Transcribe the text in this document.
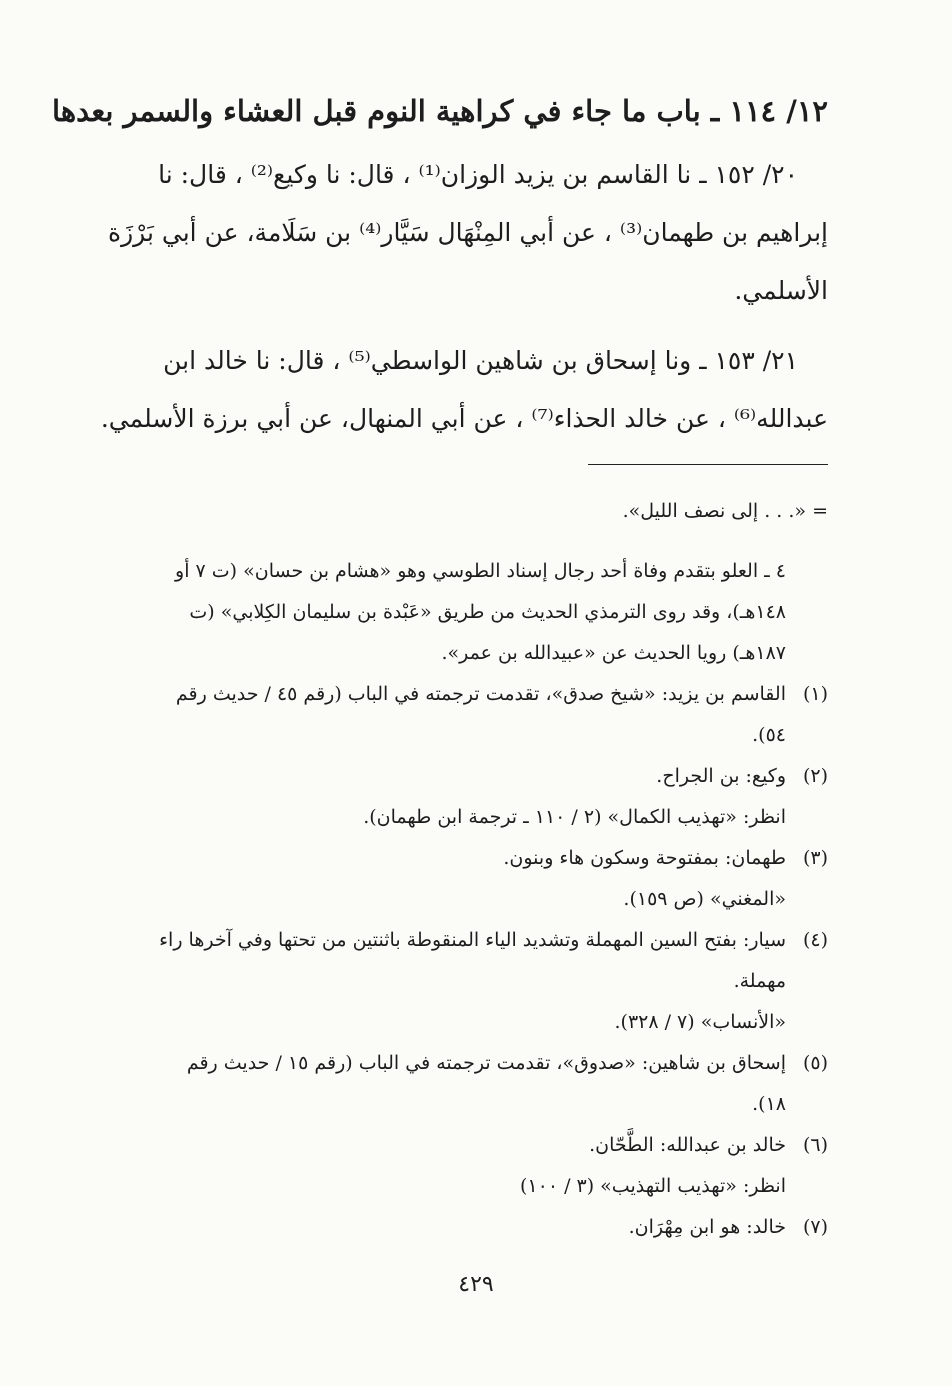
١٢/ ١١٤ ـ باب ما جاء في كراهية النوم قبل العشاء والسمر بعدها

٢٠/ ١٥٢ ـ نا القاسم بن يزيد الوزان⁽¹⁾ ، قال: نا وكيع⁽²⁾ ، قال: نا

إبراهيم بن طهمان⁽³⁾ ، عن أبي المِنْهَال سَيَّار⁽⁴⁾ بن سَلَامة، عن أبي بَرْزَة

الأسلمي.

٢١/ ١٥٣ ـ ونا إسحاق بن شاهين الواسطي⁽⁵⁾ ، قال: نا خالد ابن

عبدالله⁽⁶⁾ ، عن خالد الحذاء⁽⁷⁾ ، عن أبي المنهال، عن أبي برزة الأسلمي.

= «. . . إلى نصف الليل».

٤ ـ العلو بتقدم وفاة أحد رجال إسناد الطوسي وهو «هشام بن حسان» (ت ٧ أو

١٤٨هـ)، وقد روى الترمذي الحديث من طريق «عَبْدة بن سليمان الكِلابي» (ت

١٨٧هـ) رويا الحديث عن «عبيدالله بن عمر».

(١)

القاسم بن يزيد: «شيخ صدق»، تقدمت ترجمته في الباب (رقم ٤٥ / حديث رقم

٥٤).

(٢)

وكيع: بن الجراح.

انظر: «تهذيب الكمال» (٢ / ١١٠ ـ ترجمة ابن طهمان).

(٣)

طهمان: بمفتوحة وسكون هاء وبنون.

«المغني» (ص ١٥٩).

(٤)

سيار: بفتح السين المهملة وتشديد الياء المنقوطة باثنتين من تحتها وفي آخرها راء

مهملة.

«الأنساب» (٧ / ٣٢٨).

(٥)

إسحاق بن شاهين: «صدوق»، تقدمت ترجمته في الباب (رقم ١٥ / حديث رقم

١٨).

(٦)

خالد بن عبدالله: الطَّحّان.

انظر: «تهذيب التهذيب» (٣ / ١٠٠)

(٧)

خالد: هو ابن مِهْرَان.

٤٢٩
